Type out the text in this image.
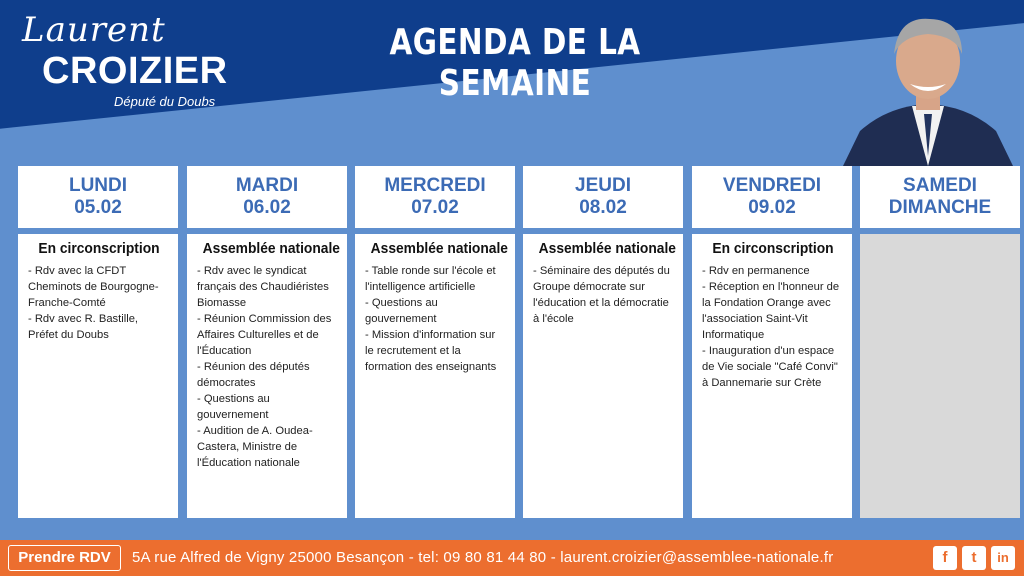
Laurent
CROIZIER
Député du Doubs
AGENDA DE LA SEMAINE
LUNDI
05.02
MARDI
06.02
MERCREDI
07.02
JEUDI
08.02
VENDREDI
09.02
SAMEDI
DIMANCHE
En circonscription
- Rdv avec la CFDT Cheminots de Bourgogne-Franche-Comté
- Rdv avec R. Bastille, Préfet du Doubs
Assemblée nationale
- Rdv avec le syndicat français des Chaudiéristes Biomasse
- Réunion Commission des Affaires Culturelles et de l'Éducation
- Réunion des députés démocrates
- Questions au gouvernement
- Audition de A. Oudea-Castera, Ministre de l'Éducation nationale
Assemblée nationale
- Table ronde sur l'école et l'intelligence artificielle
- Questions au gouvernement
- Mission d'information sur le recrutement et la formation des enseignants
Assemblée nationale
- Séminaire des députés du Groupe démocrate sur l'éducation et la démocratie à l'école
En circonscription
- Rdv en permanence
- Réception en l'honneur de la Fondation Orange avec l'association Saint-Vit Informatique
- Inauguration d'un espace de Vie sociale "Café Convi" à Dannemarie sur Crète
Prendre RDV	5A rue Alfred de Vigny 25000 Besançon - tel: 09 80 81 44 80 - laurent.croizier@assemblee-nationale.fr	f	t	in
